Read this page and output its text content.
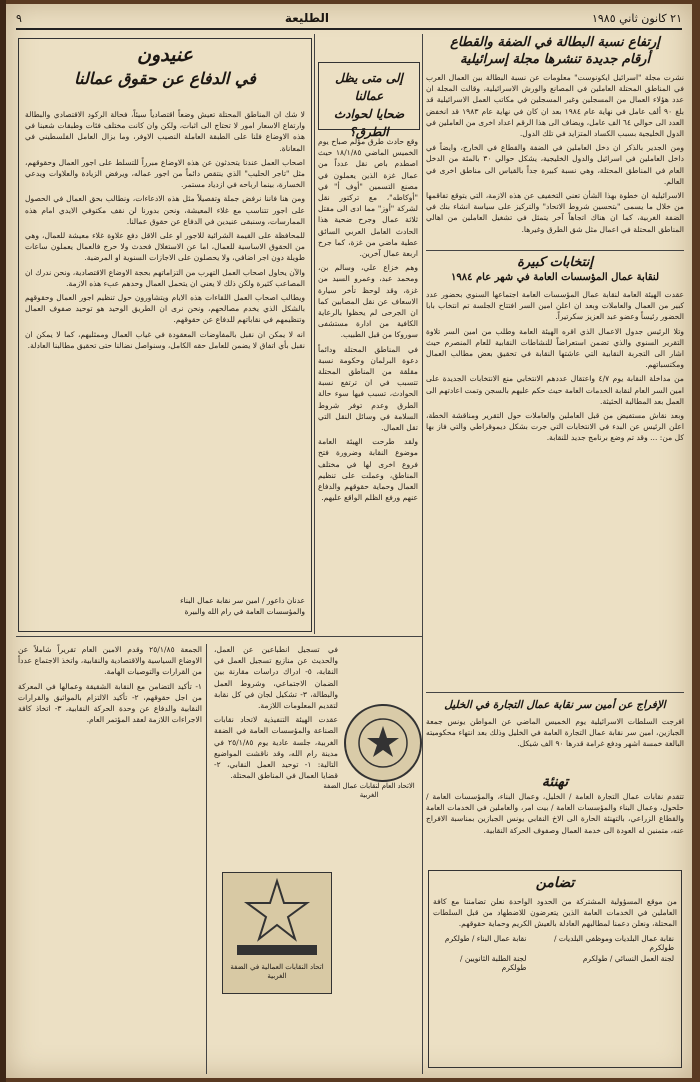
٢١ كانون ثاني ١٩٨٥
الطليعة
٩
إرتفاع نسبة البطالة في الضفة والقطاع
أرقام جديدة تنشرها مجلة إسرائيلية

نشرت مجلة "اسرائيل ايكونوست" معلومات عن نسبة البطالة بين العمال العرب في المناطق المحتلة العاملين في المصانع والورش الاسرائيلية، وقالت المجلة ان عدد هؤلاء العمال من المسجلين وغير المسجلين في مكاتب العمل الاسرائيلية قد بلغ ٩٠ ألف عامل في نهاية عام ١٩٨٤ بعد ان كان في نهاية عام ١٩٨٣ قد انخفض العدد الى حوالي ٦٤ الف عامل، ويضاف الى هذا الرقم اعداد اخرى من العاملين في الدول الخليجية بسبب الكساد المتزايد في تلك الدول.

ومن الجدير بالذكر ان دخل العاملين في الضفة والقطاع في الخارج، وايضاً في داخل العاملين في اسرائيل والدول الخليجية، يشكل حوالي ٣٠ بالمئة من الدخل العام في المناطق المحتلة، وهي نسبة كبيرة جداً بالقياس الى مناطق اخرى في العالم.

الاسرائيلية ان خطوة بهذا الشأن تعني التخفيف عن هذه الازمة، التي يتوقع تفاقمها من خلال ما يسمى "بتحسين شروط الاتحاد" والتركيز على سياسة انشاء بنك في الضفة الغربية، كما ان هناك اتجاهاً آخر يتمثل في تشغيل العاملين من اهالي المناطق المحتلة في اعمال مثل شق الطرق وغيرها.

إنتخابات كبيرة
لنقابة عمال المؤسسات العامة في شهر عام ١٩٨٤

عقدت الهيئة العامة لنقابة عمال المؤسسات العامة اجتماعها السنوي بحضور عدد كبير من العمال والعاملات وبعد ان اعلن امين السر افتتاح الجلسة تم انتخاب بابا الحضور رئيساً وعضو عبد العزيز سكرتيراً.

وتلا الرئيس جدول الاعمال الذي اقره الهيئة العامة وطلب من امين السر تلاوة التقرير السنوي والذي تضمن استعراضاً للنشاطات النقابية للعام المنصرم حيث اشار الى التجربة النقابية التي عاشتها النقابة في تحقيق بعض مطالب العمال ومكتسباتهم.

من مداخلة النقابة يوم ٤/٧ واعتقال عددهم الانتخابي منع الانتخابات الجديدة على امين السر العام لنقابة الخدمات العامة حيث حكم عليهم بالسجن وتمت اعادتهم الى العمل بعد المطالبة الحثيثة.

وبعد نقاش مستفيض من قبل العاملين والعاملات حول التقرير ومناقشة الخطة، اعلن الرئيس عن البدء في الانتخابات التي جرت بشكل ديموقراطي والتي فاز بها كل من: ... وقد تم وضع برنامج جديد للنقابة.

الإفراج عن أمين سر نقابة عمال التجارة في الخليل

افرجت السلطات الاسرائيلية يوم الخميس الماضي عن المواطن يونس جمعة الجبازين، امين سر نقابة عمال التجارة العامة في الخليل وذلك بعد انتهاء محكوميته البالغة خمسة اشهر ودفع غرامة قدرها ٩٠ الف شيكل.

الاتحاد العام لنقابات عمال الضفة الغربية
تهنئة

تتقدم نقابات عمال التجارة العامة / الخليل، وعمال البناء، والمؤسسات العامة / حلحول، وعمال البناء والمؤسسات العامة / بيت امر، والعاملين في الخدمات العامة والقطاع الزراعي، بالتهنئة الحارة الى الاخ النقابي يونس الجبازين بمناسبة الافراج عنه، متمنين له العودة الى خدمة العمال وصفوف الحركة النقابية.

تضامن

من موقع المسؤولية المشتركة من الحدود الواحدة نعلن تضامننا مع كافة العاملين في الخدمات العامة الذين يتعرضون للاضطهاد من قبل السلطات المحتلة، ونعلن دعمنا لمطالبهم العادلة بالعيش الكريم وحماية حقوقهم.

نقابة عمال البلديات وموظفي البلديات / طولكرم	نقابة عمال البناء / طولكرم
لجنة العمل النسائي / طولكرم	لجنة الطلبة الثانويين / طولكرم
إلى متى يظل عمالنا
ضحايا لحوادث الطرق؟

وقع حادث طرق مؤلم صباح يوم الخميس الماضي ١٨/١/٨٥ حيث اصطدم باص نقل عدداً من عمال غزة الذين يعملون في مصنع التسمين "أوف أ" في "أوكاطه"، مع تركتور نقل لشركة "أوز" مما ادى الى مقتل ثلاثة عمال وجرح ضحية هذا الحادث العامل العربي السائق عطية ماضي من غزة، كما جرح اربعة عمال آخرين.

وهم خزاع علي، وسالم بن، ومحمد عبد، وعمرو السيد من غزة، وقد لوحظ تأخر سيارة الاسعاف عن نقل المصابين كما ان الجرحى لم يحظوا بالرعاية الكافية من ادارة مستشفى سوروكا من قبل الطبيب.

في المناطق المحتلة ودائماً دعوة البرلمان وحكومة نسبة مقلقة من المناطق المحتلة تتسبب في ان ترتفع نسبة الحوادث، تسبب فيها سوء حالة الطرق وعدم توفر شروط السلامة في وسائل النقل التي تقل العمال.

ولقد طرحت الهيئة العامة موضوع النقابة وضرورة فتح فروع اخرى لها في مختلف المناطق، وعملت على تنظيم العمال وحماية حقوقهم والدفاع عنهم ورفع الظلم الواقع عليهم.

عنيدون
في الدفاع عن حقوق عمالنا

لا شك ان المناطق المحتلة تعيش وضعاً اقتصادياً سيئاً، فحالة الركود الاقتصادي والبطالة وارتفاع الاسعار امور لا تحتاج الى اثبات، ولكن وان كانت مختلف فئات وطبقات شعبنا في هذه الاوضاع فلنا على الطبقة العاملة النصيب الاوفر، وما يزال العامل الفلسطيني في المعاناة.

اصحاب العمل عندنا يتحدثون عن هذه الاوضاع مبرراً للتسلط على اجور العمال وحقوقهم، مثل "تاجر الحليب" الذي ينتقص دائماً من اجور عماله، ويرفض الزيادة والعلاوات ويدعي الخسارة، بينما ارباحه في ازدياد مستمر.

ومن هنا فاننا نرفض جملة وتفصيلاً مثل هذه الادعاءات، ونطالب بحق العمال في الحصول على اجور تتناسب مع غلاء المعيشة، ونحن بدورنا لن نقف مكتوفي الايدي امام هذه الممارسات، وسنبقى عنيدين في الدفاع عن حقوق عمالنا.

للمحافظة على القيمة الشرائية للاجور او على الاقل دفع علاوة غلاء معيشة للعمال، وهي من الحقوق الاساسية للعمال، اما عن الاستغلال فحدث ولا حرج فالعمال يعملون ساعات طويلة دون اجر اضافي، ولا يحصلون على الاجازات السنوية او المرضية.

والآن يحاول اصحاب العمل التهرب من التزاماتهم بحجة الاوضاع الاقتصادية، ونحن ندرك ان المصاعب كثيرة ولكن ذلك لا يعني ان يتحمل العمال وحدهم عبء هذه الازمة.

ويطالب اصحاب العمل اللقاءات هذه الايام ويتشاورون حول تنظيم اجور العمال وحقوقهم بالشكل الذي يخدم مصالحهم، ونحن نرى ان الطريق الوحيد هو توحيد صفوف العمال وتنظيمهم في نقاباتهم للدفاع عن حقوقهم.

انه لا يمكن ان نقبل بالمفاوضات المعقودة في غياب العمال وممثليهم، كما لا يمكن ان نقبل بأي اتفاق لا يضمن للعامل حقه الكامل، وسنواصل نضالنا حتى تحقيق مطالبنا العادلة.

عدنان داعور / امين سر نقابة عمال البناء
والمؤسسات العامة في رام الله والبيرة

في تسجيل انطباعين عن العمل، والحديث عن منازيع تسجيل العمل في النقابة، ٥- ادراك دراسات مقارنة بين الضمان الاجتماعي، وشروط العمل والبطالة، ٣- تشكيل لجان في كل نقابة لتقديم المعلومات اللازمة.

عقدت الهيئة التنفيذية لاتحاد نقابات الصناعة والمؤسسات العامة في الضفة الغربية، جلسة عادية يوم ٢٥/١/٨٥ في مدينة رام الله، وقد ناقشت المواضيع التالية: ١- توحيد العمل النقابي، ٢- قضايا العمال في المناطق المحتلة.

الجمعة ٢٥/١/٨٥ وقدم الامين العام تقريراً شاملاً عن الاوضاع السياسية والاقتصادية والنقابية، واتخذ الاجتماع عدداً من القرارات والتوصيات الهامة.

١- تأكيد التضامن مع النقابة الشقيقة وعمالها في المعركة من اجل حقوقهم، ٢- تأكيد الالتزام بالمواثيق والقرارات النقابية والدفاع عن وحدة الحركة النقابية، ٣- اتخاذ كافة الاجراءات اللازمة لعقد المؤتمر العام.

اتحاد النقابات العمالية في الضفة الغربية
